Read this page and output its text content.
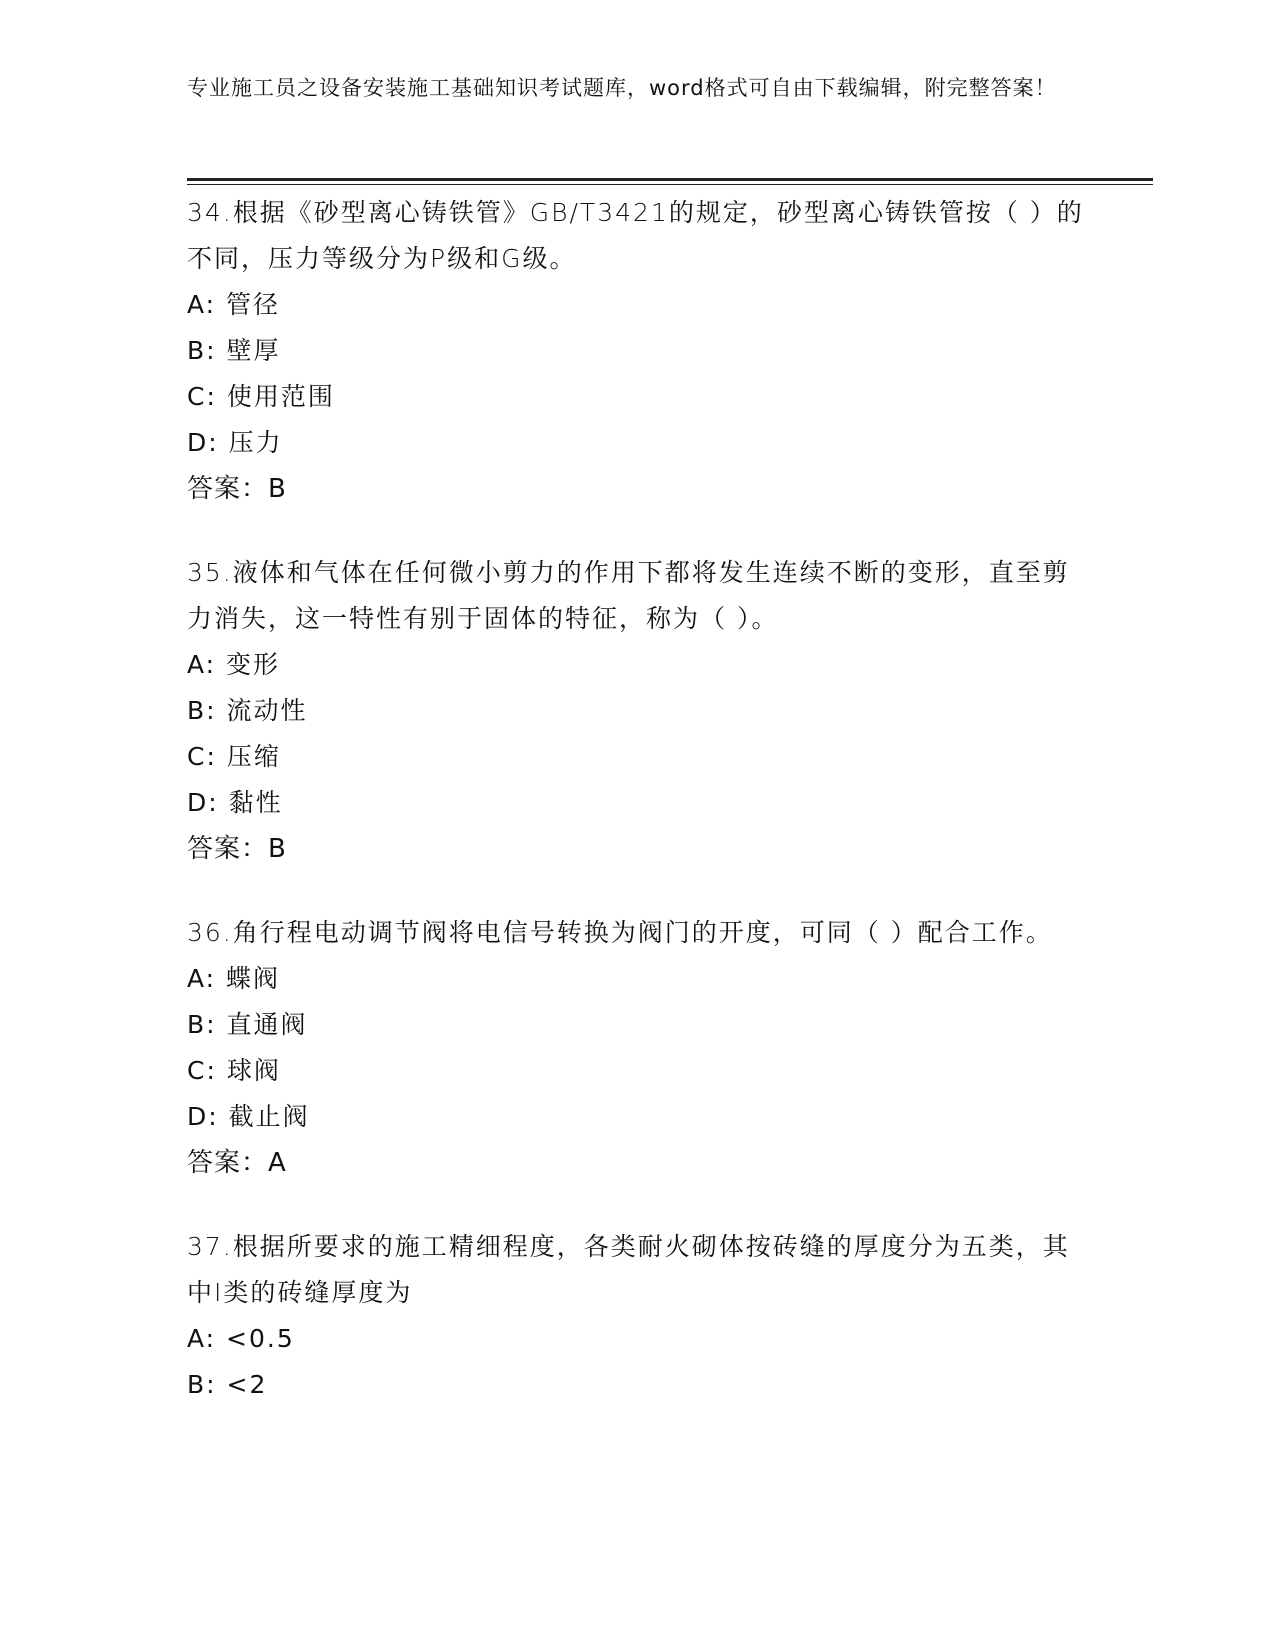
专业施工员之设备安装施工基础知识考试题库，word格式可自由下载编辑，附完整答案！
34.根据《砂型离心铸铁管》GB/T3421的规定，砂型离心铸铁管按（ ）的不同，压力等级分为P级和G级。
A: 管径
B: 壁厚
C: 使用范围
D: 压力
答案：B
35.液体和气体在任何微小剪力的作用下都将发生连续不断的变形，直至剪力消失，这一特性有别于固体的特征，称为（ ）。
A: 变形
B: 流动性
C: 压缩
D: 黏性
答案：B
36.角行程电动调节阀将电信号转换为阀门的开度，可同（ ）配合工作。
A: 蝶阀
B: 直通阀
C: 球阀
D: 截止阀
答案：A
37.根据所要求的施工精细程度，各类耐火砌体按砖缝的厚度分为五类，其中I类的砖缝厚度为
A: <0.5
B: <2
